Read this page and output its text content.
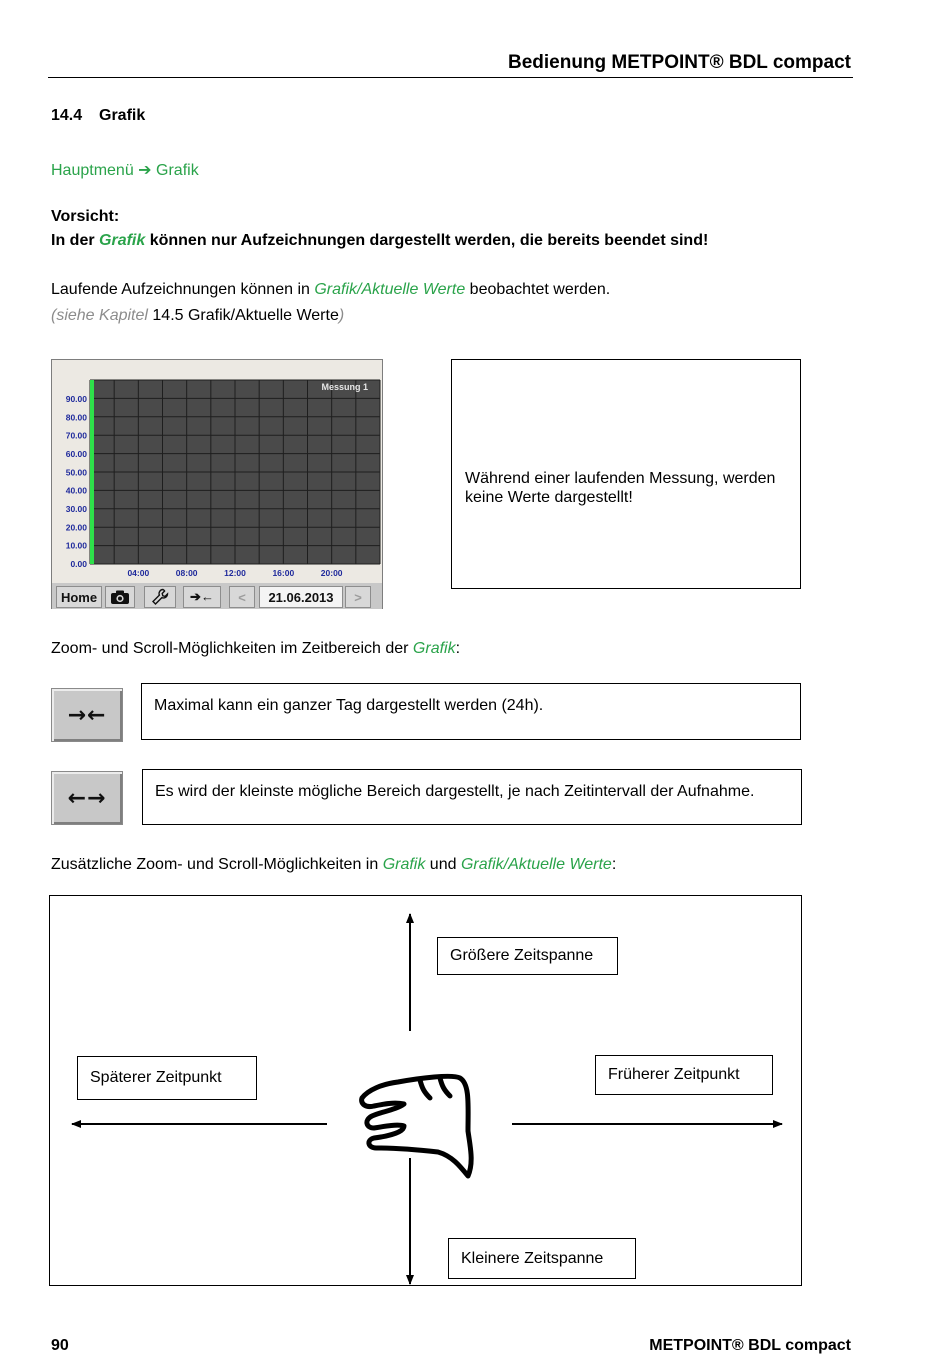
Bedienung METPOINT® BDL compact
14.4 Grafik
Hauptmenü ➔ Grafik
Vorsicht:
In der Grafik können nur Aufzeichnungen dargestellt werden, die bereits beendet sind!
Laufende Aufzeichnungen können in Grafik/Aktuelle Werte beobachtet werden.
(siehe Kapitel 14.5 Grafik/Aktuelle Werte)
Messung 1
90.00
80.00
70.00
60.00
50.00
40.00
30.00
20.00
10.00
0.00
04:00	08:00	12:00	16:00	20:00
Home	➔←	<	21.06.2013	>
Während einer laufenden Messung, werden keine Werte dargestellt!
Zoom- und Scroll-Möglichkeiten im Zeitbereich der Grafik:
→←	Maximal kann ein ganzer Tag dargestellt werden (24h).
←→	Es wird der kleinste mögliche Bereich dargestellt, je nach Zeitintervall der Aufnahme.
Zusätzliche Zoom- und Scroll-Möglichkeiten in Grafik und Grafik/Aktuelle Werte:
Größere Zeitspanne
Späterer Zeitpunkt	Früherer Zeitpunkt
Kleinere Zeitspanne
90	METPOINT® BDL compact
